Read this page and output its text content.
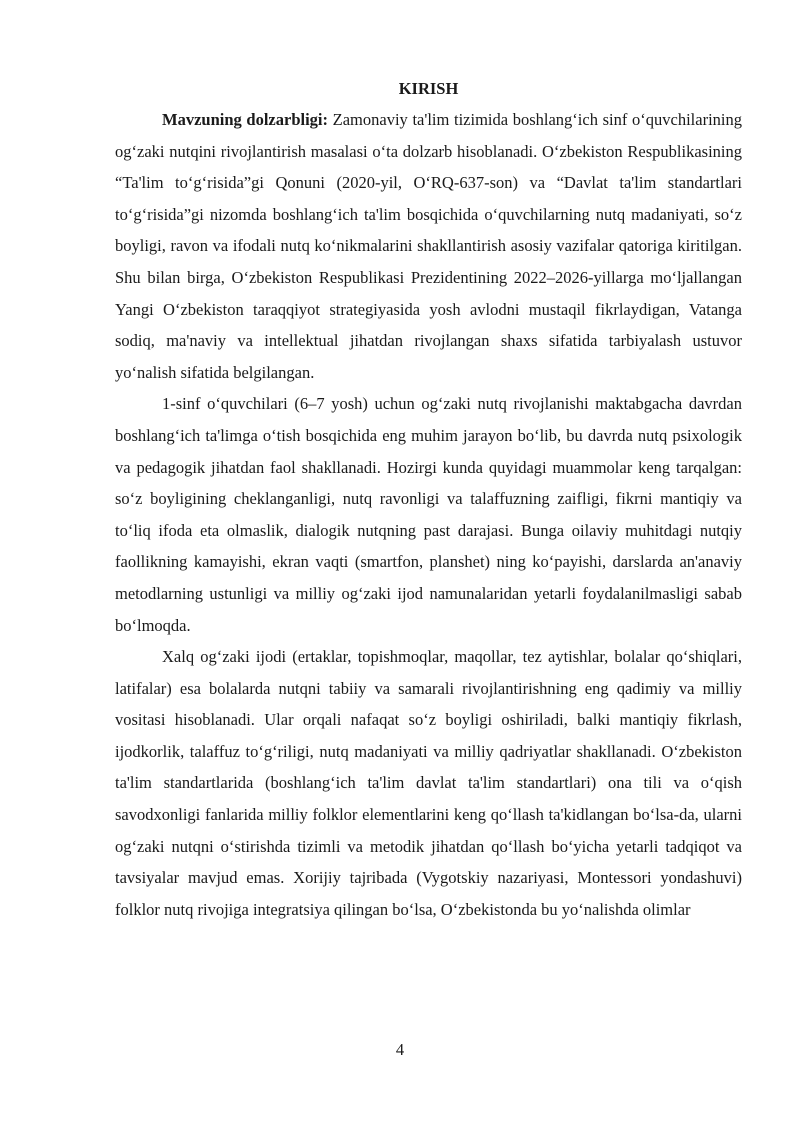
KIRISH

Mavzuning dolzarbligi: Zamonaviy ta'lim tizimida boshlangʻich sinf oʻquvchilarining ogʻzaki nutqini rivojlantirish masalasi oʻta dolzarb hisoblanadi. Oʻzbekiston Respublikasining “Ta'lim toʻgʻrisida”gi Qonuni (2020-yil, OʻRQ-637-son) va “Davlat ta'lim standartlari toʻgʻrisida”gi nizomda boshlangʻich ta'lim bosqichida oʻquvchilarning nutq madaniyati, soʻz boyligi, ravon va ifodali nutq koʻnikmalarini shakllantirish asosiy vazifalar qatoriga kiritilgan. Shu bilan birga, Oʻzbekiston Respublikasi Prezidentining 2022–2026-yillarga moʻljallangan Yangi Oʻzbekiston taraqqiyot strategiyasida yosh avlodni mustaqil fikrlaydigan, Vatanga sodiq, ma'naviy va intellektual jihatdan rivojlangan shaxs sifatida tarbiyalash ustuvor yoʻnalish sifatida belgilangan.

1-sinf oʻquvchilari (6–7 yosh) uchun ogʻzaki nutq rivojlanishi maktabgacha davrdan boshlangʻich ta'limga oʻtish bosqichida eng muhim jarayon boʻlib, bu davrda nutq psixologik va pedagogik jihatdan faol shakllanadi. Hozirgi kunda quyidagi muammolar keng tarqalgan: soʻz boyligining cheklanganligi, nutq ravonligi va talaffuzning zaifligi, fikrni mantiqiy va toʻliq ifoda eta olmaslik, dialogik nutqning past darajasi. Bunga oilaviy muhitdagi nutqiy faollikning kamayishi, ekran vaqti (smartfon, planshet) ning koʻpayishi, darslarda an'anaviy metodlarning ustunligi va milliy ogʻzaki ijod namunalaridan yetarli foydalanilmasligi sabab boʻlmoqda.

Xalq ogʻzaki ijodi (ertaklar, topishmoqlar, maqollar, tez aytishlar, bolalar qoʻshiqlari, latifalar) esa bolalarda nutqni tabiiy va samarali rivojlantirishning eng qadimiy va milliy vositasi hisoblanadi. Ular orqali nafaqat soʻz boyligi oshiriladi, balki mantiqiy fikrlash, ijodkorlik, talaffuz toʻgʻriligi, nutq madaniyati va milliy qadriyatlar shakllanadi. Oʻzbekiston ta'lim standartlarida (boshlangʻich ta'lim davlat ta'lim standartlari) ona tili va oʻqish savodxonligi fanlarida milliy folklor elementlarini keng qoʻllash ta'kidlangan boʻlsa-da, ularni ogʻzaki nutqni oʻstirishda tizimli va metodik jihatdan qoʻllash boʻyicha yetarli tadqiqot va tavsiyalar mavjud emas. Xorijiy tajribada (Vygotskiy nazariyasi, Montessori yondashuvi) folklor nutq rivojiga integratsiya qilingan boʻlsa, Oʻzbekistonda bu yoʻnalishda olimlar

4
